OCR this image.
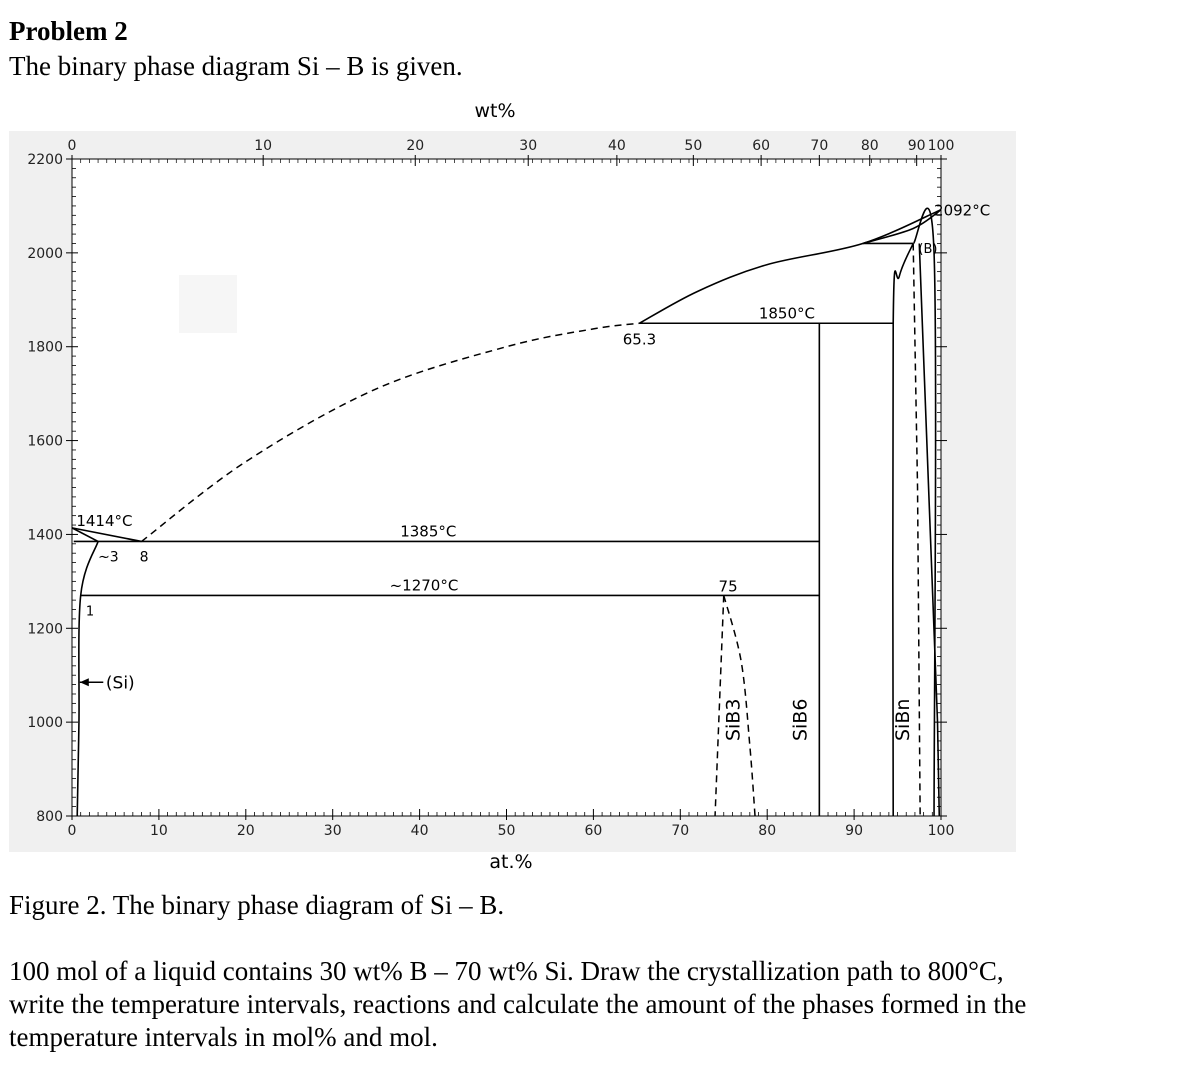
Problem 2

The binary phase diagram Si – B is given.

2200
2000
1800
1600
1400
1200
1000
800
0	10	20	30	40	50	60	70	80	90	100
0	10	20	30	40	50	60	70 80 90 100
1414°C
2092°C
1385°C
~1270°C
1850°C
65.3
75
1
~3 8
(Si)
(B)
SiB3 SiB6	SiBn
wt%
at.%

Figure 2. The binary phase diagram of Si – B.

100 mol of a liquid contains 30 wt% B – 70 wt% Si. Draw the crystallization path to 800°C,
write the temperature intervals, reactions and calculate the amount of the phases formed in the
temperature intervals in mol% and mol.
